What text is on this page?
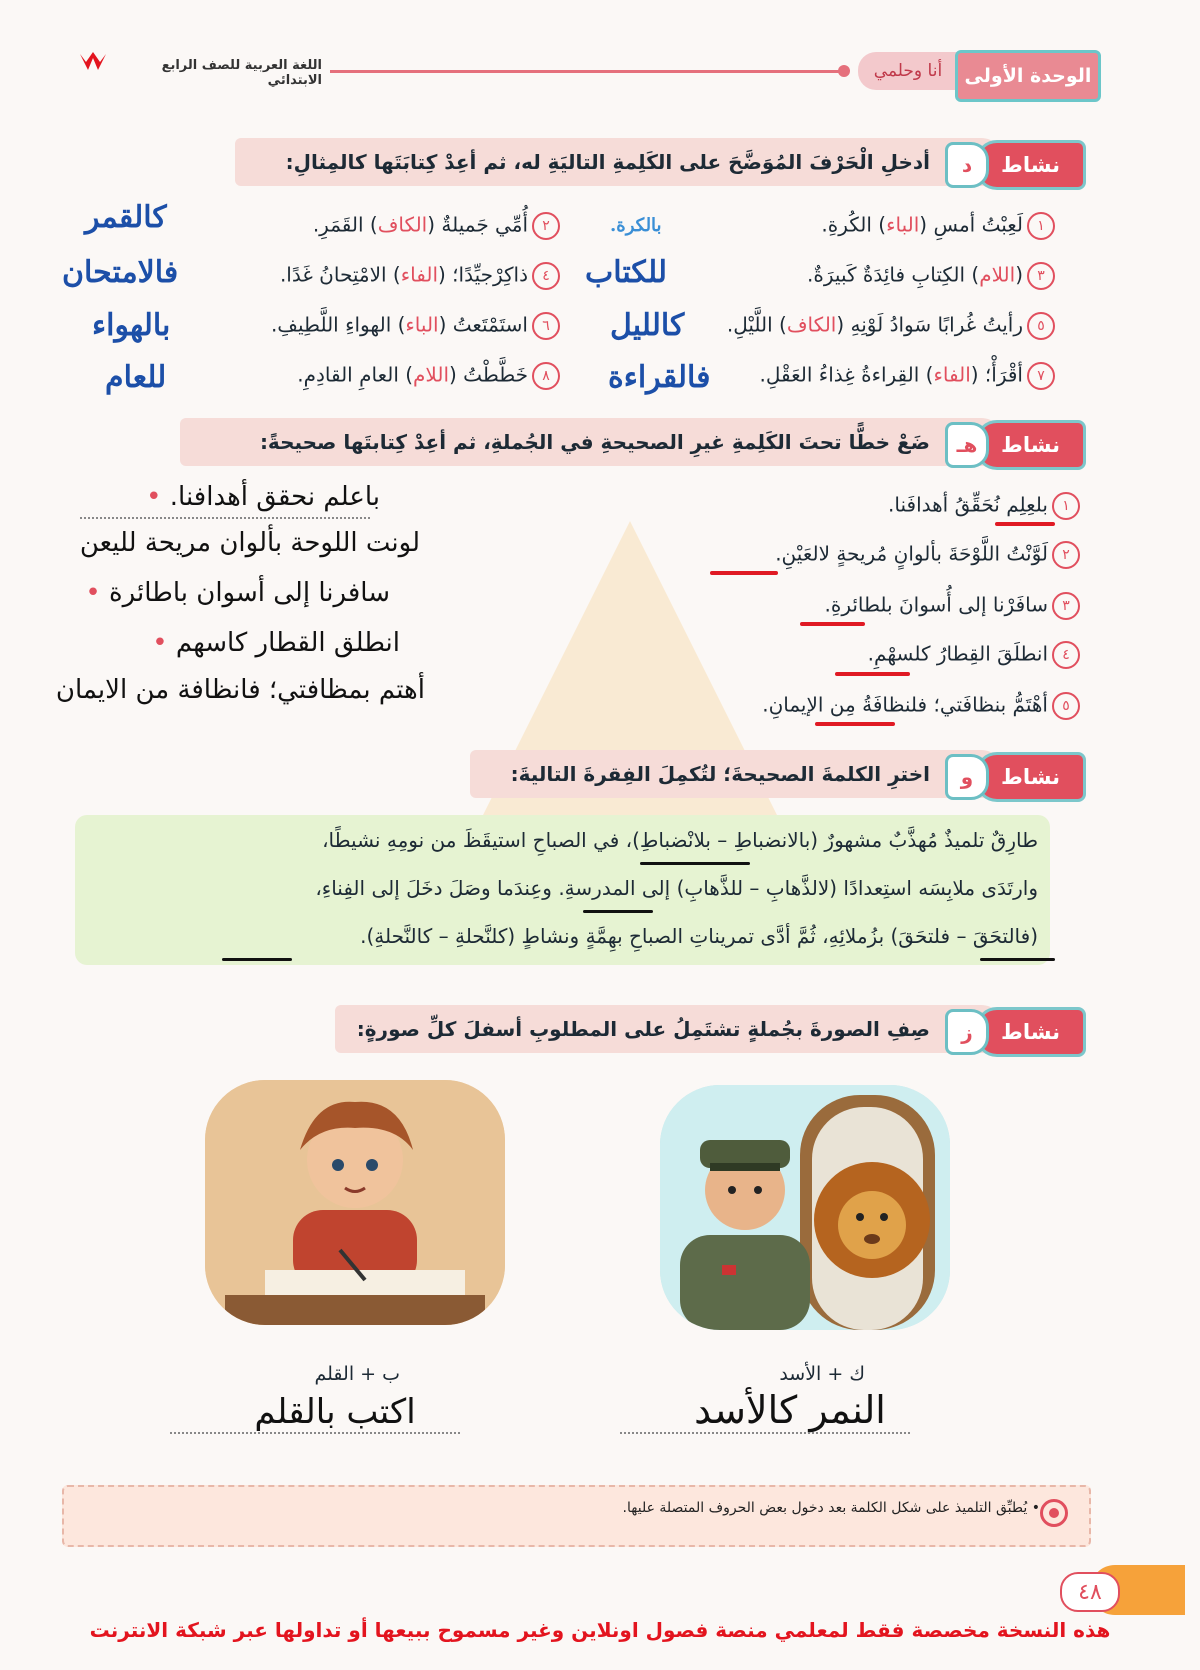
اللغة العربية للصف الرابع الابتدائي	أنا وحلمي	الوحدة الأولى
نشاط
د
أدخلِ الْحَرْفَ المُوَضَّحَ على الكَلِمةِ التاليَةِ له، ثم أعِدْ كِتابَتَها كالمِثالِ:
١لَعِبْتُ أمسِ (الباء) الكُرةِ.
٣(اللام) الكِتابِ فائِدَةٌ كَبيرَةٌ.
٥رأيتُ غُرابًا سَوادُ لَوْنِهِ (الكاف) اللَّيْلِ.
٧أقْرَأْ؛ (الفاء) القِراءةُ غِذاءُ العَقْلِ.
٢أُمِّي جَميلةٌ (الكاف) القَمَرِ.
٤ذاكِرْجيِّدًا؛ (الفاء) الامْتِحانُ غَدًا.
٦استَمْتَعتُ (الباء) الهواءِ اللَّطِيفِ.
٨خَطَّطْتُ (اللام) العامِ القادِمِ.
بالكرة.
كالقمر
للكتاب
فالامتحان
كالليل
بالهواء
فالقراءة
للعام
نشاط
هـ
ضَعْ خطًّا تحتَ الكَلِمةِ غيرِ الصحيحةِ في الجُملةِ، ثم أعِدْ كِتابتَها صحيحةً:
١بلعِلِم نُحَقِّقُ أهدافَنا.
٢لَوَّنْتُ اللَّوْحَةَ بألوانٍ مُريحةٍ لالعَيْنِ.
٣سافَرْنا إلى أُسوانَ بلطائرةِ.
٤انطلَقَ القِطارُ كلسهْمِ.
٥أهْتَمُّ بنظافَتي؛ فلنظافَةُ مِن الإيمانِ.
باعلم نحقق أهدافنا. •
لونت اللوحة بألوان مريحة لليعن
سافرنا إلى أسوان باطائرة •
انطلق القطار كاسهم •
أهتم بمظافتي؛ فانظافة من الايمان
نشاط
و
اخترِ الكلمةَ الصحيحةَ؛ لتُكمِلَ الفِقرةَ التاليةَ:
طارِقٌ تلميذٌ مُهذَّبٌ مشهورٌ (بالانضباطِ – بلانْضباطِ)، في الصباحِ استيقَظَ من نومِهِ نشيطًا،
وارتَدَى ملابِسَه استِعدادًا (لالذَّهابِ – للذَّهابِ) إلى المدرسةِ. وعِندَما وصَلَ دخَلَ إلى الفِناءِ،
(فالتحَقَ – فلتحَقَ) بزُملائِهِ، ثُمَّ أدَّى تمريناتِ الصباحِ بهِمَّةٍ ونشاطٍ (كلنَّحلةِ – كالنَّحلةِ).
نشاط
ز
صِفِ الصورةَ بجُملةٍ تشتَمِلُ على المطلوبِ أسفلَ كلِّ صورةٍ:
ك + الأسد
النمر كالأسد
ب + القلم
اكتب بالقلم
• يُطبِّق التلميذ على شكل الكلمة بعد دخول بعض الحروف المتصلة عليها.
٤٨
هذه النسخة مخصصة فقط لمعلمي منصة فصول اونلاين وغير مسموح ببيعها أو تداولها عبر شبكة الانترنت
